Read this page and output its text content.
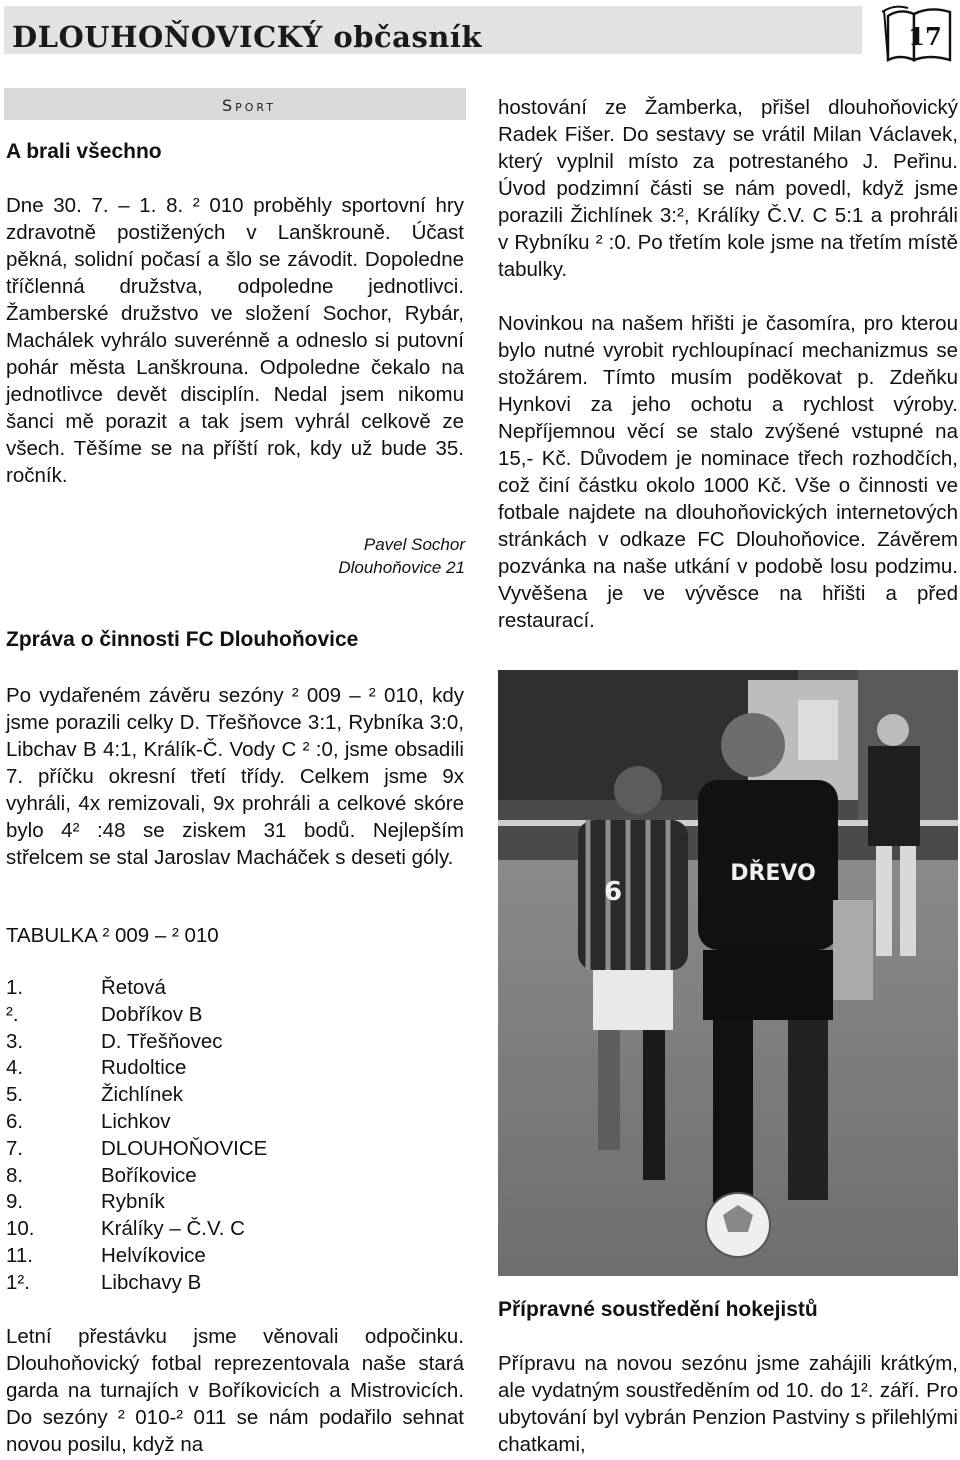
DLOUHOŇOVICKÝ občasník	17
Sport
A brali všechno
Dne 30. 7. – 1. 8. ² 010 proběhly sportovní hry zdravotně postižených v Lanškrouně. Účast pěkná, solidní počasí a šlo se závodit. Dopoledne tříčlenná družstva, odpoledne jednotlivci. Žamberské družstvo ve složení Sochor, Rybár, Machálek vyhrálo suverénně a odneslo si putovní pohár města Lanškrouna. Odpoledne čekalo na jednotlivce devět disciplín. Nedal jsem nikomu šanci mě porazit a tak jsem vyhrál celkově ze všech. Těšíme se na příští rok, kdy už bude 35. ročník.
Pavel Sochor
Dlouhoňovice 21
Zpráva o činnosti FC Dlouhoňovice
Po vydařeném závěru sezóny ² 009 – ² 010, kdy jsme porazili celky D. Třešňovce 3:1, Rybníka 3:0, Libchav B 4:1, Králík-Č. Vody C ² :0, jsme obsadili 7. příčku okresní třetí třídy. Celkem jsme 9x vyhráli, 4x remizovali, 9x prohráli a celkové skóre bylo 4² :48 se ziskem 31 bodů. Nejlepším střelcem se stal Jaroslav Macháček s deseti góly.
TABULKA ² 009 – ² 010
1.	Řetová
².	Dobříkov B
3.	D. Třešňovec
4.	Rudoltice
5.	Žichlínek
6.	Lichkov
7.	DLOUHOŇOVICE
8.	Boříkovice
9.	Rybník
10.	Králíky – Č.V. C
11.	Helvíkovice
1².	Libchavy B
Letní přestávku jsme věnovali odpočinku. Dlouhoňovický fotbal reprezentovala naše stará garda na turnajích v Boříkovicích a Mistrovicích. Do sezóny ² 010-² 011 se nám podařilo sehnat novou posilu, když na
hostování ze Žamberka, přišel dlouhoňovický Radek Fišer. Do sestavy se vrátil Milan Václavek, který vyplnil místo za potrestaného J. Peřinu. Úvod podzimní části se nám povedl, když jsme porazili Žichlínek 3:², Králíky Č.V. C 5:1 a prohráli v Rybníku ² :0. Po třetím kole jsme na třetím místě tabulky.
Novinkou na našem hřišti je časomíra, pro kterou bylo nutné vyrobit rychloupínací mechanizmus se stožárem. Tímto musím poděkovat p. Zdeňku Hynkovi za jeho ochotu a rychlost výroby. Nepříjemnou věcí se stalo zvýšené vstupné na 15,- Kč. Důvodem je nominace třech rozhodčích, což činí částku okolo 1000 Kč. Vše o činnosti ve fotbale najdete na dlouhoňovických internetových stránkách v odkaze FC Dlouhoňovice. Závěrem pozvánka na naše utkání v podobě losu podzimu. Vyvěšena je ve vývěsce na hřišti a před restaurací.
DŘEVO
6
Přípravné soustředění hokejistů
Přípravu na novou sezónu jsme zahájili krátkým, ale vydatným soustředěním od 10. do 1². září. Pro ubytování byl vybrán Penzion Pastviny s přilehlými chatkami,
